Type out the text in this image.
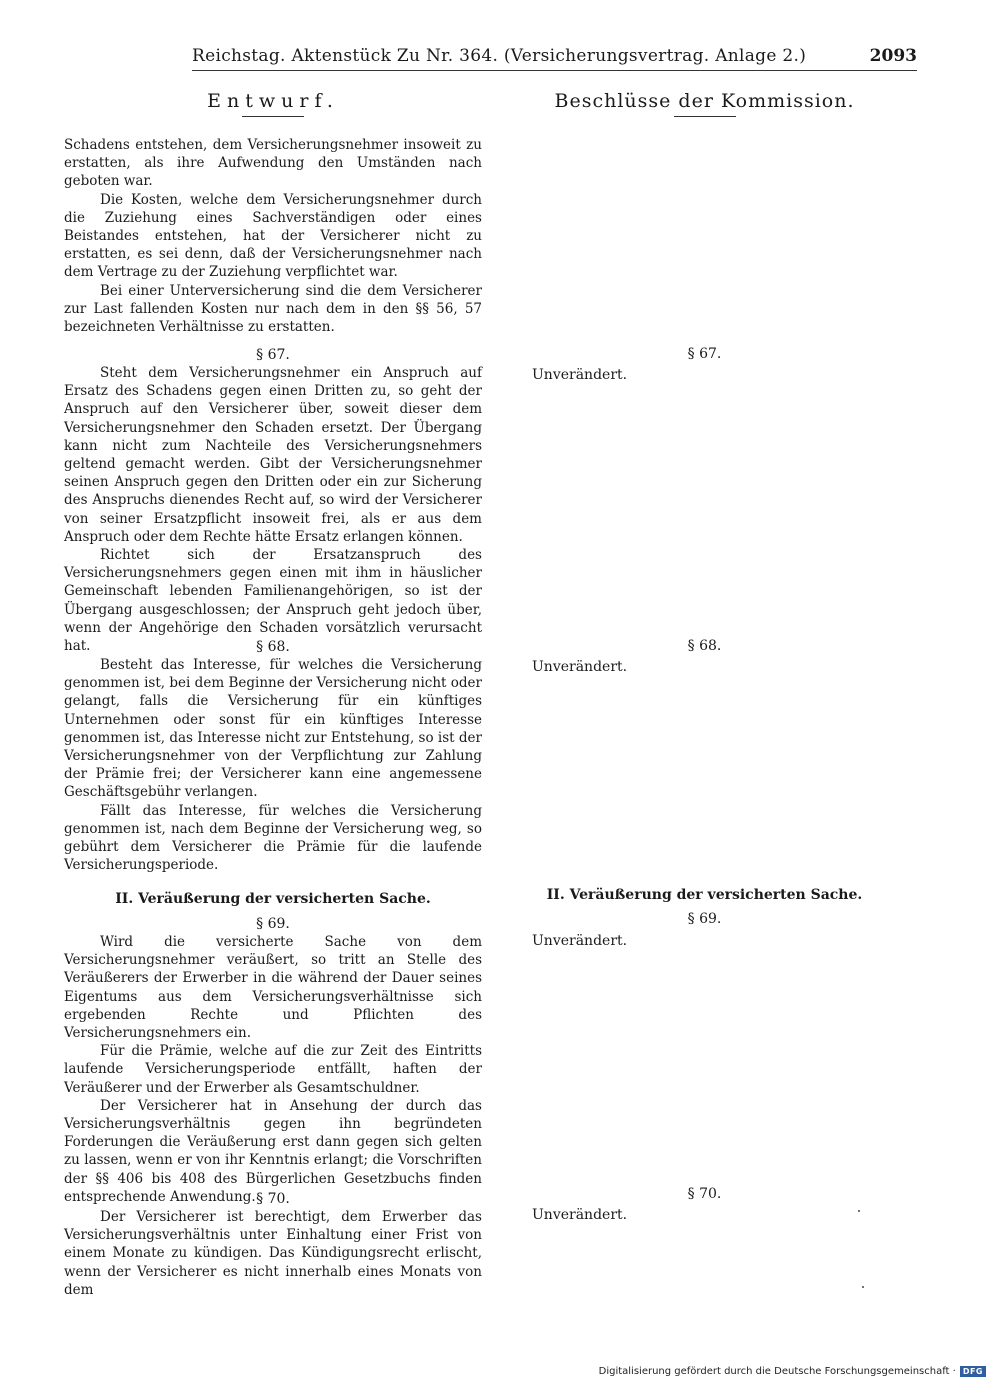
Reichstag. Aktenstück Zu Nr. 364. (Versicherungsvertrag. Anlage 2.)	2093
Entwurf.

Schadens entstehen, dem Versicherungsnehmer insoweit zu erstatten, als ihre Aufwendung den Umständen nach geboten war.

Die Kosten, welche dem Versicherungsnehmer durch die Zuziehung eines Sachverständigen oder eines Beistandes entstehen, hat der Versicherer nicht zu erstatten, es sei denn, daß der Versicherungsnehmer nach dem Vertrage zu der Zuziehung verpflichtet war.

Bei einer Unterversicherung sind die dem Versicherer zur Last fallenden Kosten nur nach dem in den §§ 56, 57 bezeichneten Verhältnisse zu erstatten.

§ 67.

Steht dem Versicherungsnehmer ein Anspruch auf Ersatz des Schadens gegen einen Dritten zu, so geht der Anspruch auf den Versicherer über, soweit dieser dem Versicherungsnehmer den Schaden ersetzt. Der Übergang kann nicht zum Nachteile des Versicherungsnehmers geltend gemacht werden. Gibt der Versicherungsnehmer seinen Anspruch gegen den Dritten oder ein zur Sicherung des Anspruchs dienendes Recht auf, so wird der Versicherer von seiner Ersatzpflicht insoweit frei, als er aus dem Anspruch oder dem Rechte hätte Ersatz erlangen können.

Richtet sich der Ersatzanspruch des Versicherungsnehmers gegen einen mit ihm in häuslicher Gemeinschaft lebenden Familienangehörigen, so ist der Übergang ausgeschlossen; der Anspruch geht jedoch über, wenn der Angehörige den Schaden vorsätzlich verursacht hat.	§ 68.

Besteht das Interesse, für welches die Versicherung genommen ist, bei dem Beginne der Versicherung nicht oder gelangt, falls die Versicherung für ein künftiges Unternehmen oder sonst für ein künftiges Interesse genommen ist, das Interesse nicht zur Entstehung, so ist der Versicherungsnehmer von der Verpflichtung zur Zahlung der Prämie frei; der Versicherer kann eine angemessene Geschäftsgebühr verlangen.

Fällt das Interesse, für welches die Versicherung genommen ist, nach dem Beginne der Versicherung weg, so gebührt dem Versicherer die Prämie für die laufende Versicherungsperiode.

II. Veräußerung der versicherten Sache.

§ 69.

Wird die versicherte Sache von dem Versicherungsnehmer veräußert, so tritt an Stelle des Veräußerers der Erwerber in die während der Dauer seines Eigentums aus dem Versicherungsverhältnisse sich ergebenden Rechte und Pflichten des Versicherungsnehmers ein.

Für die Prämie, welche auf die zur Zeit des Eintritts laufende Versicherungsperiode entfällt, haften der Veräußerer und der Erwerber als Gesamtschuldner.

Der Versicherer hat in Ansehung der durch das Versicherungsverhältnis gegen ihn begründeten Forderungen die Veräußerung erst dann gegen sich gelten zu lassen, wenn er von ihr Kenntnis erlangt; die Vorschriften der §§ 406 bis 408 des Bürgerlichen Gesetzbuchs finden entsprechende Anwendung. § 70.

Der Versicherer ist berechtigt, dem Erwerber das Versicherungsverhältnis unter Einhaltung einer Frist von einem Monate zu kündigen. Das Kündigungsrecht erlischt, wenn der Versicherer es nicht innerhalb eines Monats von dem

Beschlüsse der Kommission.
§ 67.
Unverändert.
§ 68.
Unverändert.
II. Veräußerung der versicherten Sache.
§ 69.
Unverändert.
§ 70.
Unverändert.
Digitalisierung gefördert durch die Deutsche Forschungsgemeinschaft · DFG
